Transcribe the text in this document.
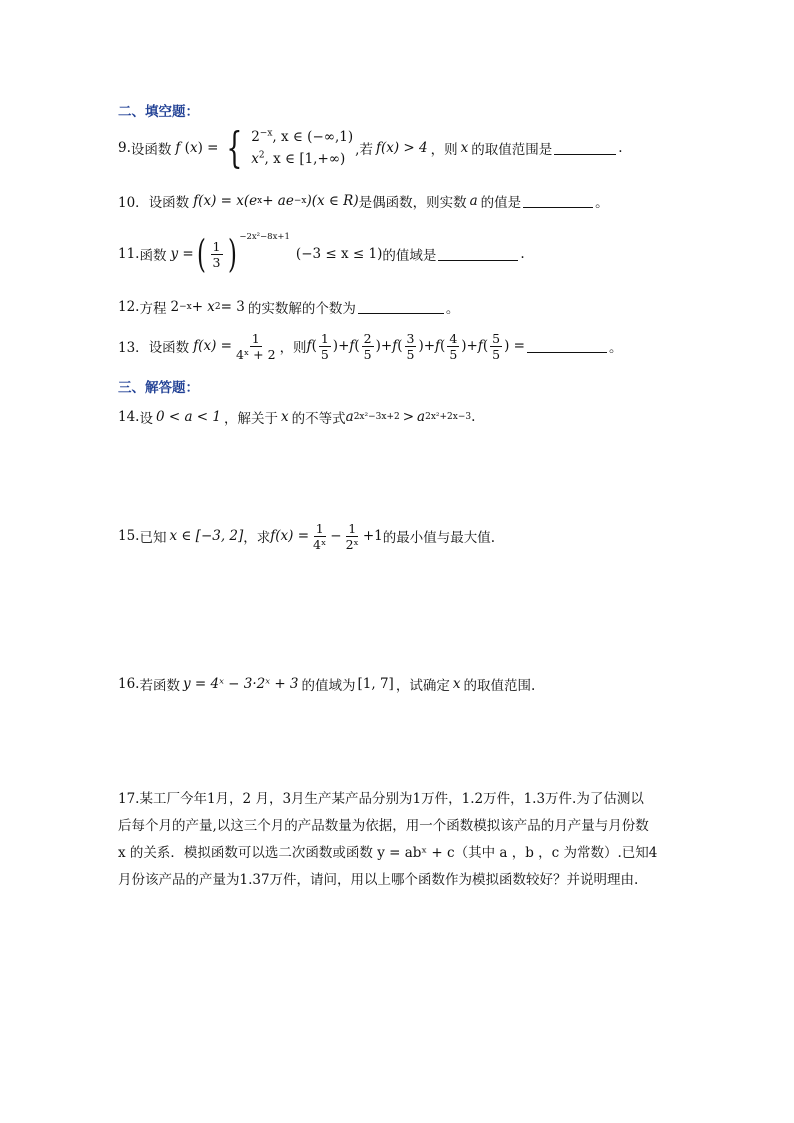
二、填空题：
9. 设函数 f ( x ) = { $2^{-x}$, x ∈ (−∞,1)
$x^2$, x ∈ [1,+∞)
,若 f(x) > 4 ，则 x 的取值范围是	.
10． 设函数 f(x) = x(e x + ae −x )(x ∈ R) 是偶函数，则实数 a 的值是	。
11. 函数 y = ( $\frac{1}{3}$ ) −2x²−8x+1
(−3 ≤ x ≤ 1) 的值域是	.
12. 方程 2 −x + x 2 = 3 的实数解的个数为	。
13． 设函数 $f(x) = \frac{1}{\text{4ˣ + 2}}$ ，则 f ( $\frac{1}{5}$ )+ f ( $\frac{2}{5}$ )+ f ( $\frac{3}{5}$ )+ f ( $\frac{4}{5}$ )+ f ( $\frac{5}{5}$ ) =	。
三、解答题：
14. 设 0 < a < 1 ，解关于 x 的不等式 a 2x²−3x+2 > a 2x²+2x−3 .
15. 已知 x ∈ [−3, 2] ，求 $f(x) = \frac{1}{\text{4ˣ}} - \frac{1}{\text{2ˣ}} +1$ 的最小值与最大值.
16. 若函数 y = 4ˣ − 3·2ˣ + 3 的值域为 [1, 7] ，试确定 x 的取值范围.
17.某工厂今年1月，2 月，3月生产某产品分别为1万件，1.2万件，1.3万件.为了估测以
后每个月的产量,以这三个月的产品数量为依据，用一个函数模拟该产品的月产量与月份数
x 的关系．模拟函数可以选二次函数或函数 y = abˣ + c（其中 a ，b ，c 为常数）.已知4
月份该产品的产量为1.37万件，请问，用以上哪个函数作为模拟函数较好？并说明理由.
